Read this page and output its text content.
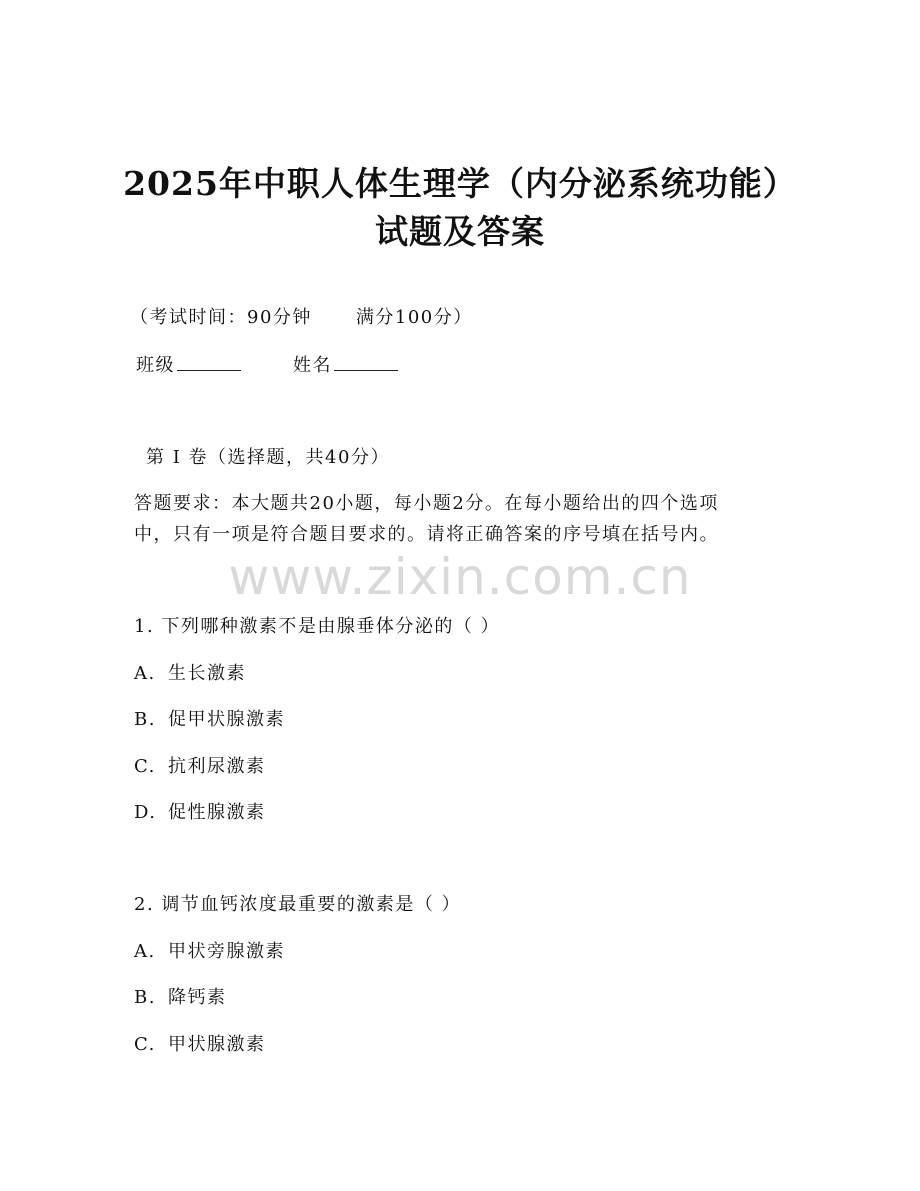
2025年中职人体生理学（内分泌系统功能）
试题及答案
（考试时间：90分钟 满分100分）
班级	姓名
第 I 卷（选择题，共40分）
答题要求：本大题共20小题，每小题2分。在每小题给出的四个选项
中，只有一项是符合题目要求的。请将正确答案的序号填在括号内。
www.zixin.com.cn
1. 下列哪种激素不是由腺垂体分泌的（ ）
A. 生长激素
B. 促甲状腺激素
C. 抗利尿激素
D. 促性腺激素
2. 调节血钙浓度最重要的激素是（ ）
A. 甲状旁腺激素
B. 降钙素
C. 甲状腺激素
